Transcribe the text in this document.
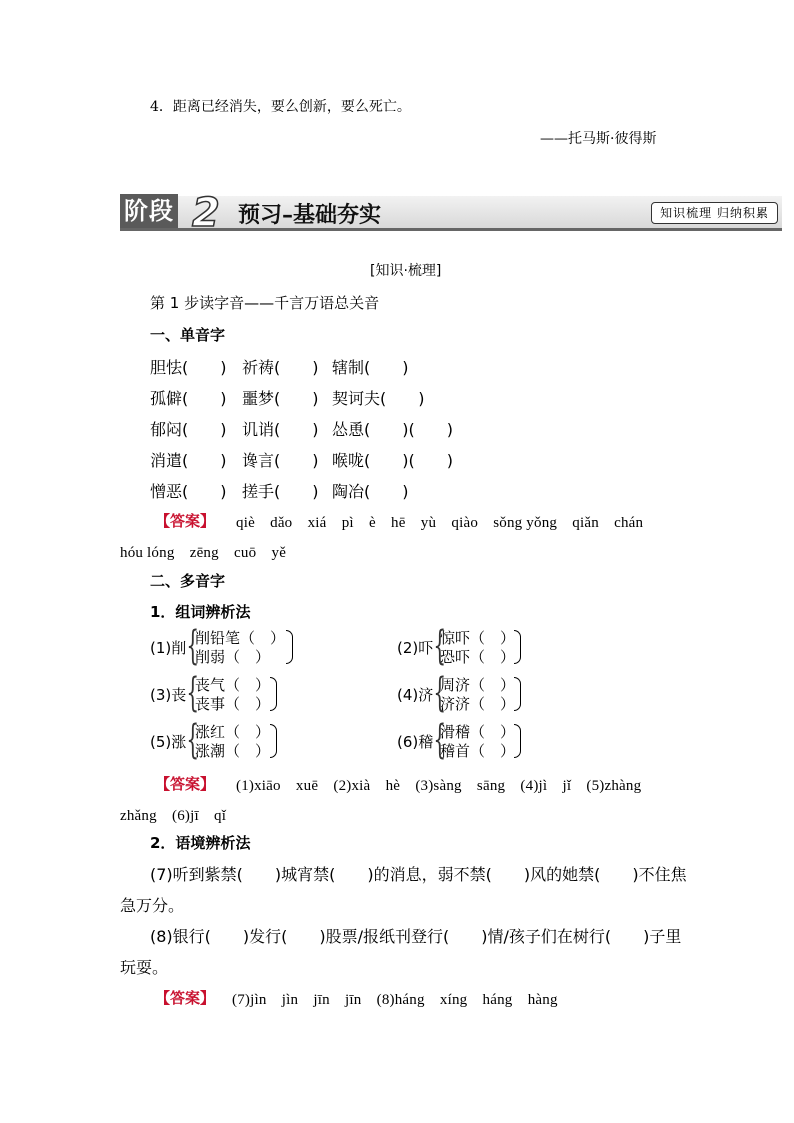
4．距离已经消失，要么创新，要么死亡。
——托马斯·彼得斯
阶段 2 预习–基础夯实	知识梳理 归纳积累
[知识·梳理]
第 1 步读字音——千言万语总关音
一、单音字
胆怯(　　) 祈祷(　　) 辖制(　　)
孤僻(　　) 噩梦(　　) 契诃夫(　　)
郁闷(　　) 讥诮(　　) 怂恿(　　)(　　)
消遣(　　) 谗言(　　) 喉咙(　　)(　　)
憎恶(　　) 搓手(　　) 陶冶(　　)
【答案】 qiè　dǎo　xiá　pì　è　hē　yù　qiào　sǒng yǒng　qiǎn　chán
hóu lóng　zēng　cuō　yě
二、多音字
1．组词辨析法
(1)削 {
削铅笔（　）
削弱（　）
(3)丧 {
丧气（　）
丧事（　）
(5)涨 {
涨红（　）
涨潮（　）
(2)吓 {
惊吓（　）
恐吓（　）
(4)济 {
周济（　）
济济（　）
(6)稽 {
滑稽（　）
稽首（　）
【答案】 (1)xiāo　xuē　(2)xià　hè　(3)sàng　sāng　(4)jì　jǐ　(5)zhàng
zhǎng　(6)jī　qǐ
2．语境辨析法
(7)听到紫禁(　　)城宵禁(　　)的消息，弱不禁(　　)风的她禁(　　)不住焦
急万分。
(8)银行(　　)发行(　　)股票/报纸刊登行(　　)情/孩子们在树行(　　)子里
玩耍。
【答案】 (7)jìn　jìn　jīn　jīn　(8)háng　xíng　háng　hàng
